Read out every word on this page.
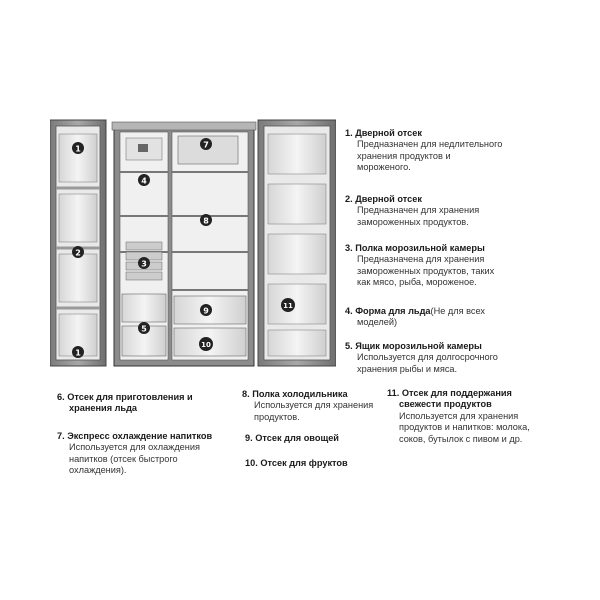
1
2
1
4
3
5
7
8
9
10
11
1. Дверной отсек
Предназначен для недлительного
хранения продуктов и
мороженого.
2. Дверной отсек
Предназначен для хранения
замороженных продуктов.
3. Полка морозильной камеры
Предназначена для хранения
замороженных продуктов, таких
как мясо, рыба, мороженое.
4. Форма для льда(Не для всех
моделей)
5. Ящик морозильной камеры
Используется для долгосрочного
хранения рыбы и мяса.
6. Отсек для приготовления и
хранения льда
7. Экспресс охлаждение напитков
Используется для охлаждения
напитков (отсек быстрого
охлаждения).
8. Полка холодильника
Используется для хранения
продуктов.
9. Отсек для овощей
10. Отсек для фруктов
11. Отсек для поддержания
свежести продуктов
Используется для хранения
продуктов и напитков: молока,
соков, бутылок с пивом и др.
